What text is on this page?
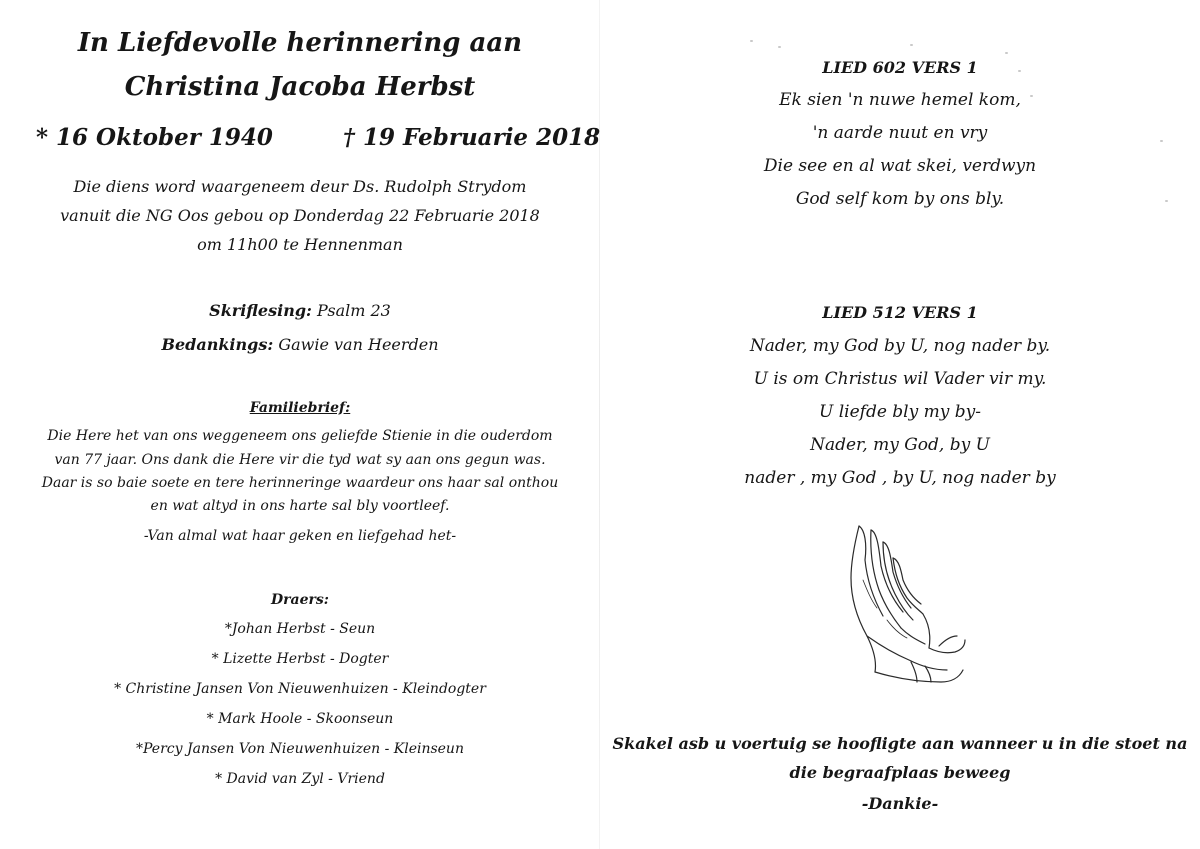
In Liefdevolle herinnering aan
Christina Jacoba Herbst
* 16 Oktober 1940	† 19 Februarie 2018
Die diens word waargeneem deur Ds. Rudolph Strydom
vanuit die NG Oos gebou op Donderdag 22 Februarie 2018
om 11h00 te Hennenman
Skriflesing: Psalm 23
Bedankings: Gawie van Heerden
Familiebrief:
Die Here het van ons weggeneem ons geliefde Stienie in die ouderdom
van 77 jaar. Ons dank die Here vir die tyd wat sy aan ons gegun was.
Daar is so baie soete en tere herinneringe waardeur ons haar sal onthou
en wat altyd in ons harte sal bly voortleef.
-Van almal wat haar geken en liefgehad het-
Draers:
*Johan Herbst - Seun
* Lizette Herbst - Dogter
* Christine Jansen Von Nieuwenhuizen - Kleindogter
* Mark Hoole - Skoonseun
*Percy Jansen Von Nieuwenhuizen - Kleinseun
* David van Zyl - Vriend
LIED 602 VERS 1
Ek sien 'n nuwe hemel kom,
'n aarde nuut en vry
Die see en al wat skei, verdwyn
God self kom by ons bly.
LIED 512 VERS 1
Nader, my God by U, nog nader by.
U is om Christus wil Vader vir my.
U liefde bly my by-
Nader, my God, by U
nader , my God , by U, nog nader by
Skakel asb u voertuig se hoofligte aan wanneer u in die stoet na
die begraafplaas beweeg
-Dankie-
